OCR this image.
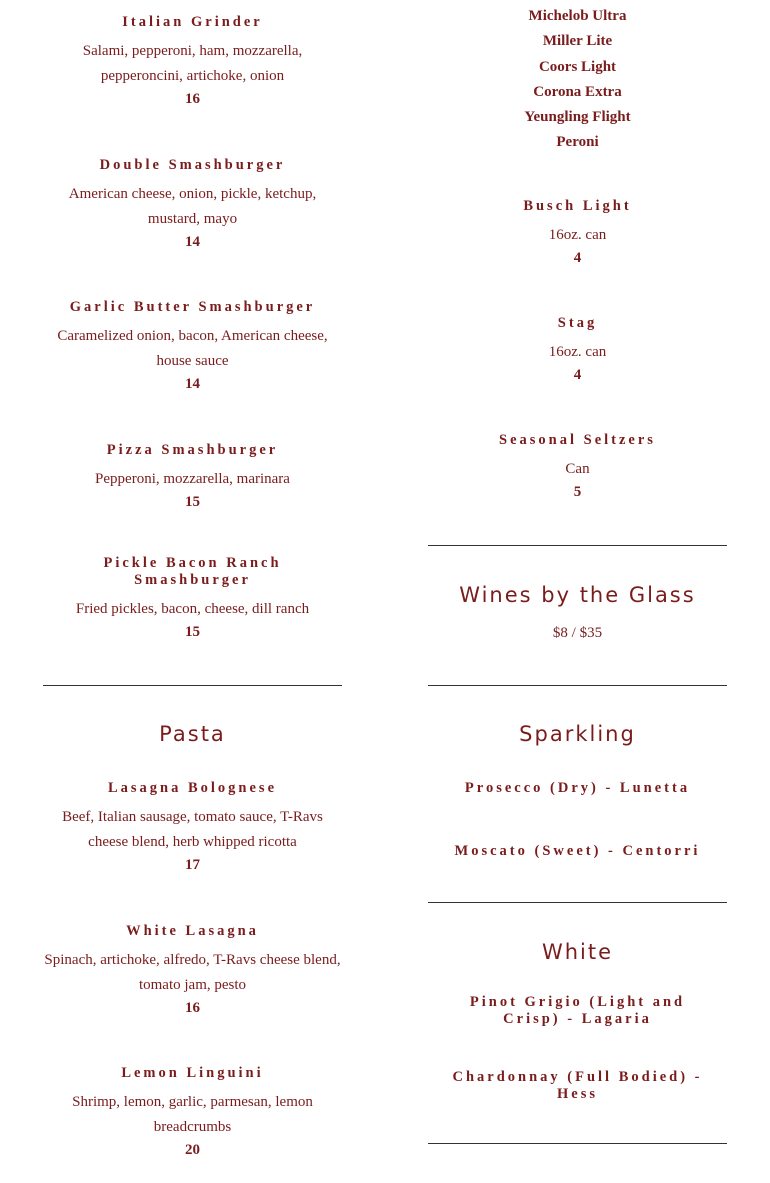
Italian Grinder
Salami, pepperoni, ham, mozzarella, pepperoncini, artichoke, onion
16
Double Smashburger
American cheese, onion, pickle, ketchup, mustard, mayo
14
Garlic Butter Smashburger
Caramelized onion, bacon, American cheese, house sauce
14
Pizza Smashburger
Pepperoni, mozzarella, marinara
15
Pickle Bacon Ranch Smashburger
Fried pickles, bacon, cheese, dill ranch
15
Pasta
Lasagna Bolognese
Beef, Italian sausage, tomato sauce, T-Ravs cheese blend, herb whipped ricotta
17
White Lasagna
Spinach, artichoke, alfredo, T-Ravs cheese blend, tomato jam, pesto
16
Lemon Linguini
Shrimp, lemon, garlic, parmesan, lemon breadcrumbs
20
Michelob Ultra
Miller Lite
Coors Light
Corona Extra
Yeungling Flight
Peroni
Busch Light
16oz. can
4
Stag
16oz. can
4
Seasonal Seltzers
Can
5
Wines by the Glass
$8 / $35
Sparkling
Prosecco (Dry) - Lunetta
Moscato (Sweet) - Centorri
White
Pinot Grigio (Light and Crisp) - Lagaria
Chardonnay (Full Bodied) - Hess
